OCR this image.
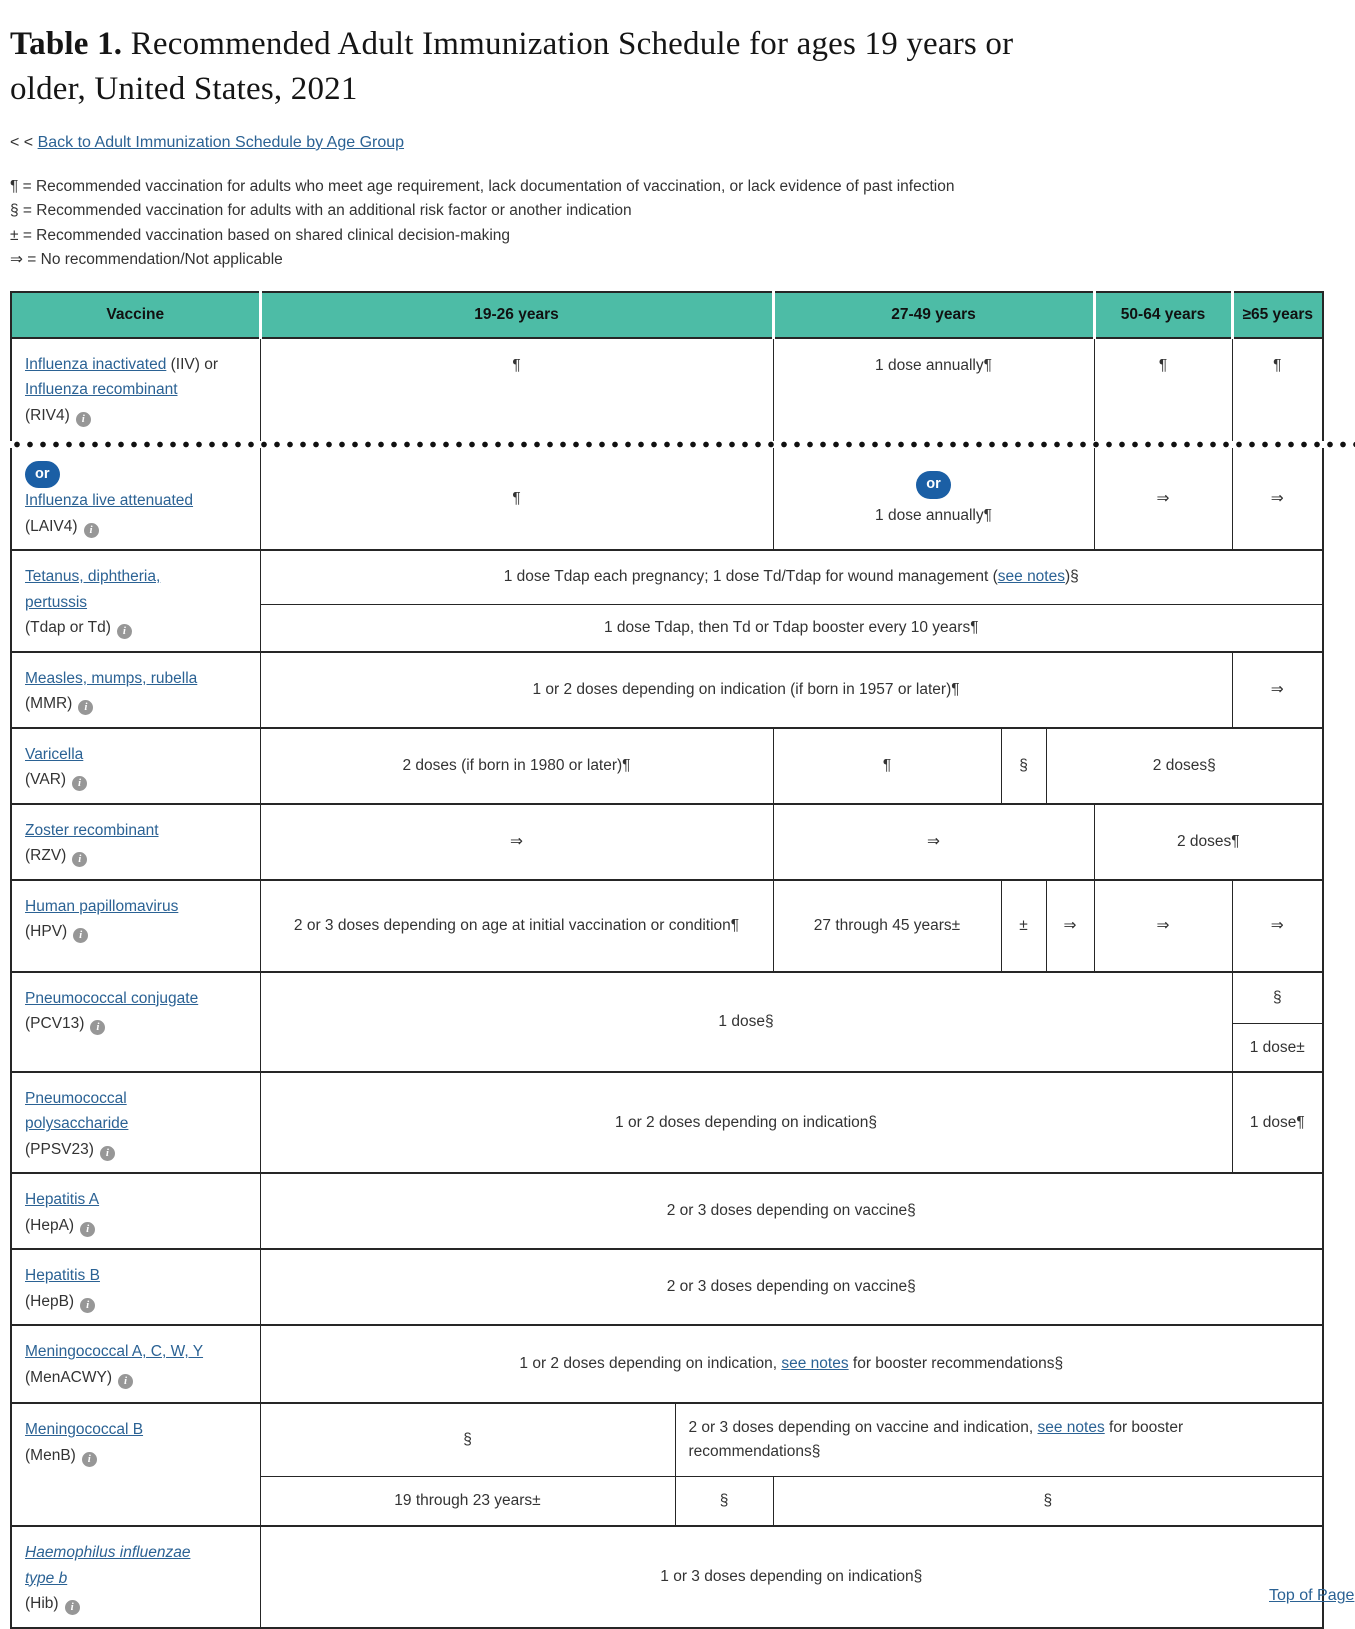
Table 1. Recommended Adult Immunization Schedule for ages 19 years or
older, United States, 2021
< < Back to Adult Immunization Schedule by Age Group

¶ = Recommended vaccination for adults who meet age requirement, lack documentation of vaccination, or lack evidence of past infection

§ = Recommended vaccination for adults with an additional risk factor or another indication

± = Recommended vaccination based on shared clinical decision-making

⇒ = No recommendation/Not applicable

Vaccine	19-26 years		27-49 years			50-64 years	≥65 years
Influenza inactivated (IIV) or
Influenza recombinant
(RIV4) i	¶		1 dose annually¶			¶	¶

or
Influenza live attenuated
(LAIV4) i	¶		or
1 dose annually¶			⇒	⇒
Tetanus, diphtheria,
pertussis
(Tdap or Td) i	1 dose Tdap each pregnancy; 1 dose Td/Tdap for wound management (see notes)§						
	1 dose Tdap, then Td or Tdap booster every 10 years¶						
Measles, mumps, rubella
(MMR) i	1 or 2 doses depending on indication (if born in 1957 or later)¶						⇒
Varicella
(VAR) i	2 doses (if born in 1980 or later)¶		¶	§	2 doses§		
Zoster recombinant
(RZV) i	⇒		⇒			2 doses¶	
Human papillomavirus
(HPV) i	2 or 3 doses depending on age at initial vaccination or condition¶		27 through 45 years±	±	⇒	⇒	⇒
Pneumococcal conjugate
(PCV13) i	1 dose§						§
							1 dose±
Pneumococcal
polysaccharide
(PPSV23) i	1 or 2 doses depending on indication§						1 dose¶
Hepatitis A
(HepA) i	2 or 3 doses depending on vaccine§						
Hepatitis B
(HepB) i	2 or 3 doses depending on vaccine§						
Meningococcal A, C, W, Y
(MenACWY) i	1 or 2 doses depending on indication, see notes for booster recommendations§						
Meningococcal B
(MenB) i	§	2 or 3 doses depending on vaccine and indication, see notes for booster
recommendations§					
	19 through 23 years±	§	§				
Haemophilus influenzae
type b
(Hib) i	1 or 3 doses depending on indication§						
Top of Page
